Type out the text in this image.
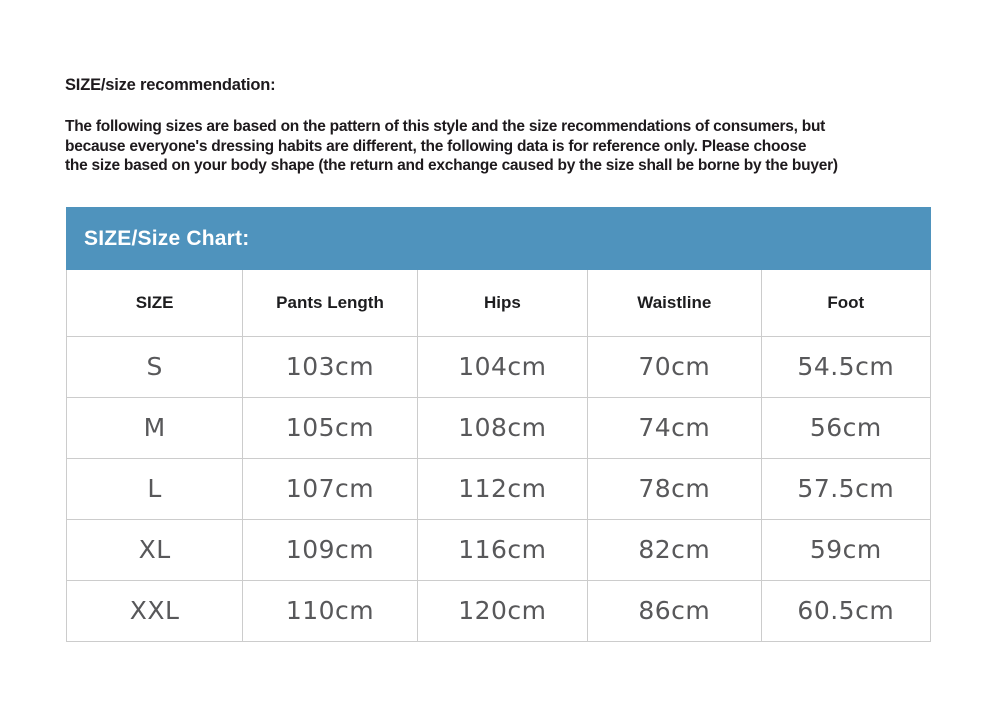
SIZE/size recommendation:
The following sizes are based on the pattern of this style and the size recommendations of consumers, but
because everyone's dressing habits are different, the following data is for reference only. Please choose
the size based on your body shape (the return and exchange caused by the size shall be borne by the buyer)
SIZE/Size Chart:
SIZE	Pants Length	Hips	Waistline	Foot
S	103cm	104cm	70cm	54.5cm
M	105cm	108cm	74cm	56cm
L	107cm	112cm	78cm	57.5cm
XL	109cm	116cm	82cm	59cm
XXL	110cm	120cm	86cm	60.5cm
